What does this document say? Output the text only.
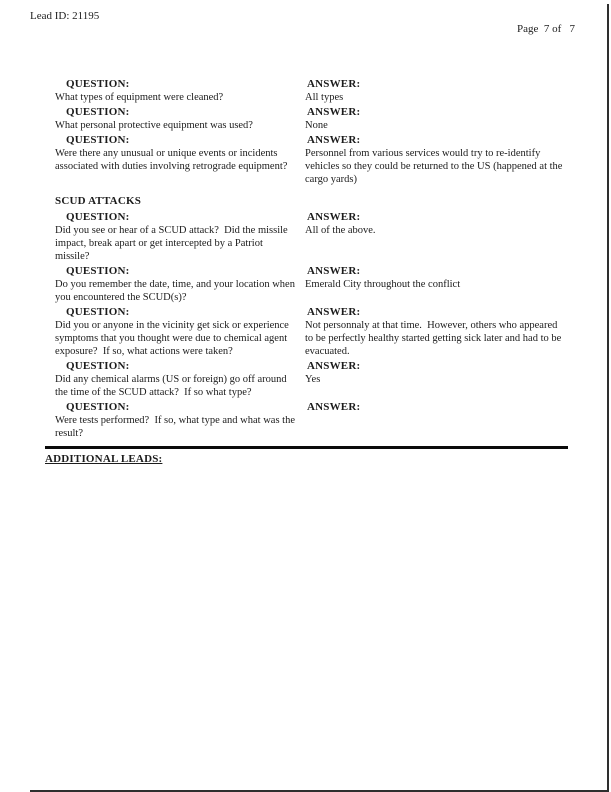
Lead ID: 21195
Page  7 of   7
QUESTION:
What types of equipment were cleaned?
ANSWER:
All types
QUESTION:
What personal protective equipment was used?
ANSWER:
None
QUESTION:
Were there any unusual or unique events or incidents associated with duties involving retrograde equipment?
ANSWER:
Personnel from various services would try to re-identify vehicles so they could be returned to the US (happened at the cargo yards)
SCUD ATTACKS
QUESTION:
Did you see or hear of a SCUD attack?  Did the missile impact, break apart or get intercepted by a Patriot missile?
ANSWER:
All of the above.
QUESTION:
Do you remember the date, time, and your location when you encountered the SCUD(s)?
ANSWER:
Emerald City throughout the conflict
QUESTION:
Did you or anyone in the vicinity get sick or experience symptoms that you thought were due to chemical agent exposure?  If so, what actions were taken?
ANSWER:
Not personnaly at that time.  However, others who appeared to be perfectly healthy started getting sick later and had to be evacuated.
QUESTION:
Did any chemical alarms (US or foreign) go off around the time of the SCUD attack?  If so what type?
ANSWER:
Yes
QUESTION:
Were tests performed?  If so, what type and what was the result?
ANSWER:
ADDITIONAL LEADS:
